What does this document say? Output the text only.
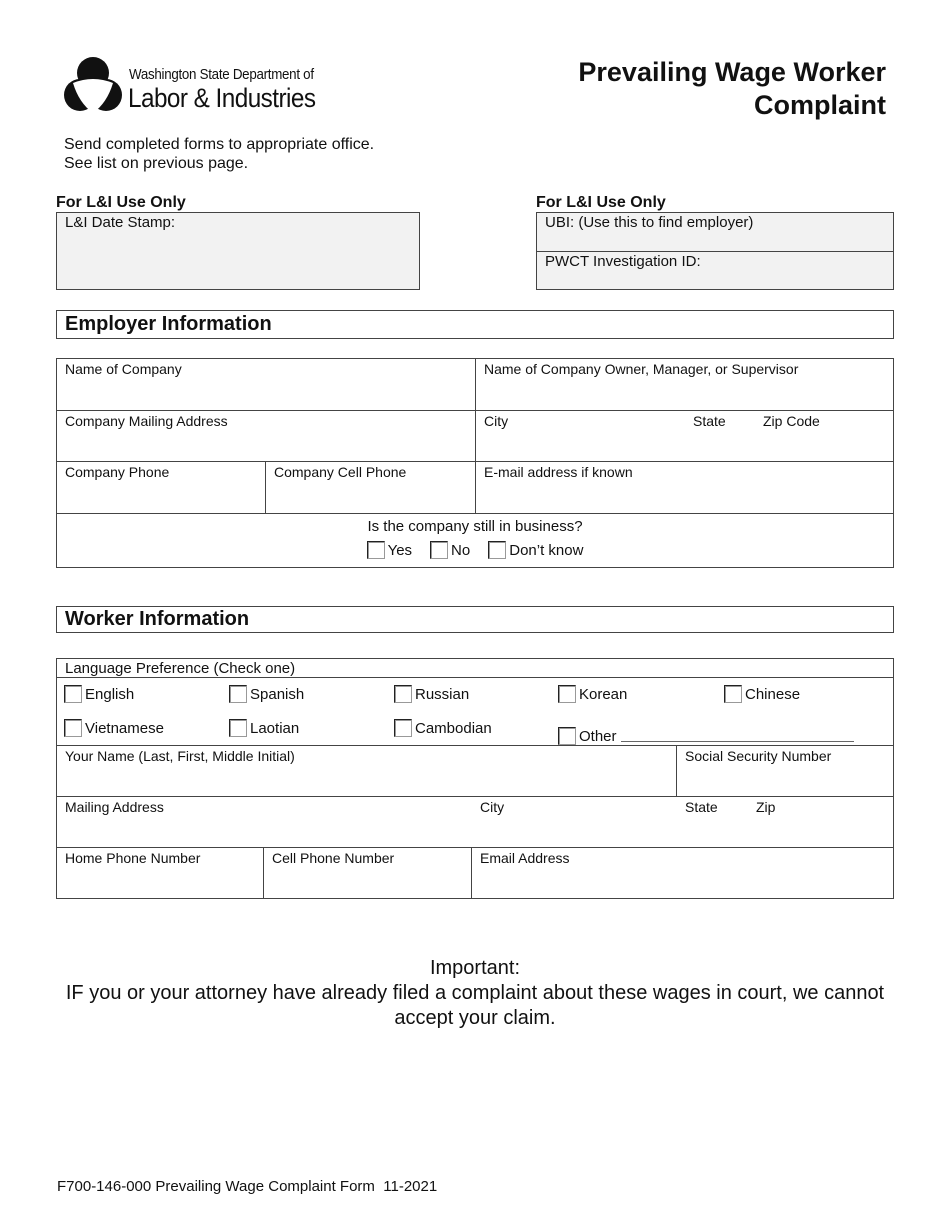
Washington State Department of
Labor & Industries
Prevailing Wage Worker
Complaint
Send completed forms to appropriate office.
See list on previous page.
For L&I Use Only
L&I Date Stamp:
For L&I Use Only
UBI: (Use this to find employer)
PWCT Investigation ID:
Employer Information
Name of Company	Name of Company Owner, Manager, or Supervisor
Company Mailing Address	City	State	Zip Code
Company Phone	Company Cell Phone	E-mail address if known
Is the company still in business?
Yes	No	Don’t know
Worker Information
Language Preference (Check one)
English	Spanish	Russian	Korean	Chinese
Vietnamese	Laotian	Cambodian	Other
Your Name (Last, First, Middle Initial)	Social Security Number
Mailing Address	City	State	Zip
Home Phone Number	Cell Phone Number	Email Address
Important:
IF you or your attorney have already filed a complaint about these wages in court, we cannot accept your claim.
F700-146-000 Prevailing Wage Complaint Form  11-2021
